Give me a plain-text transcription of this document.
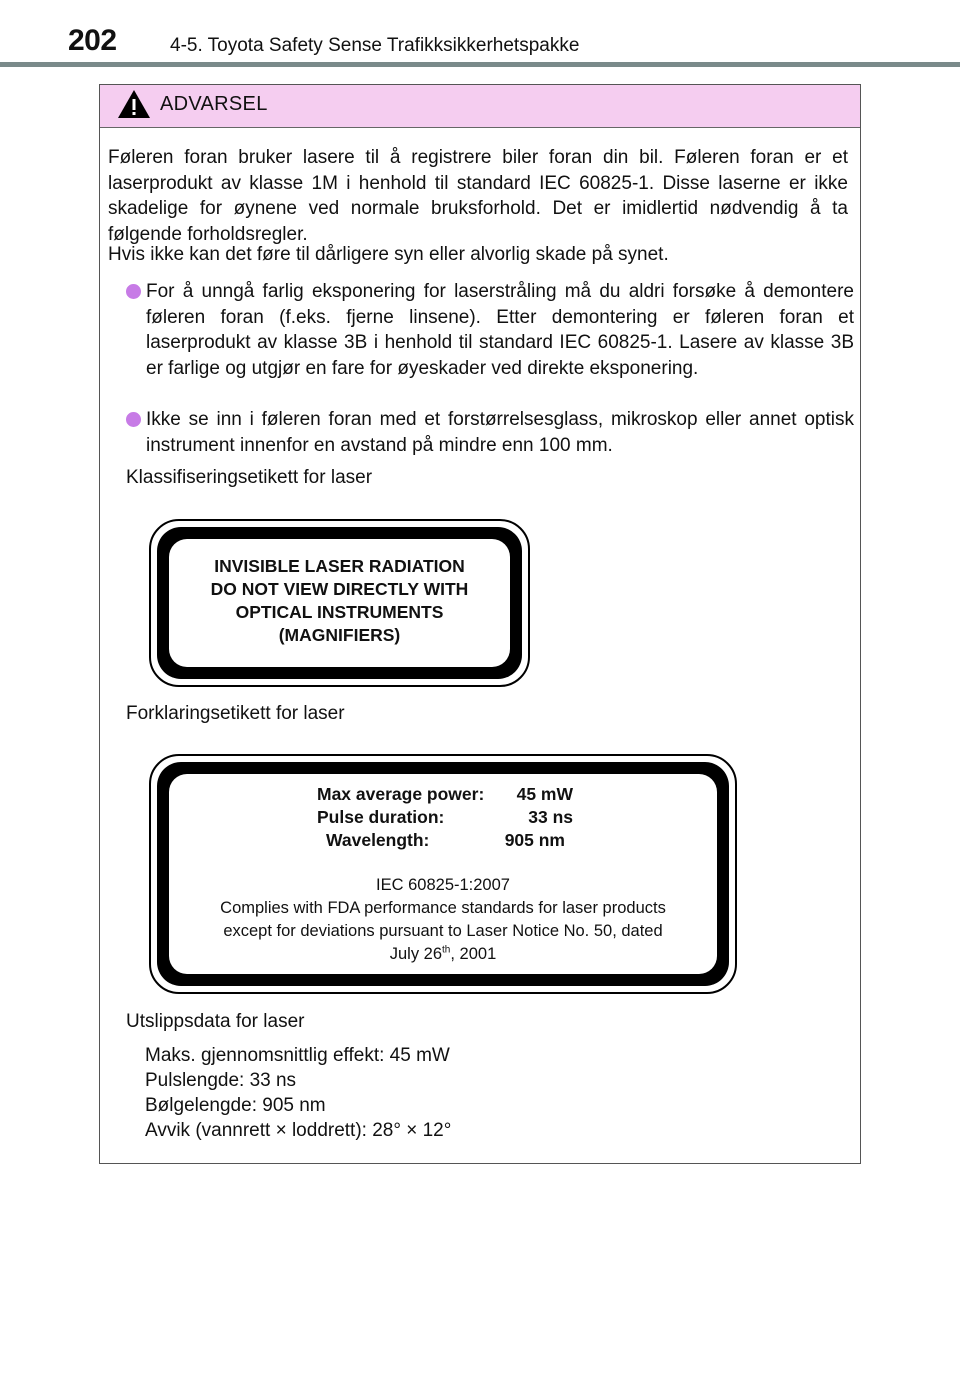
202	4-5. Toyota Safety Sense Trafikksikkerhetspakke
ADVARSEL
Føleren foran bruker lasere til å registrere biler foran din bil. Føleren foran er et laserprodukt av klasse 1M i henhold til standard IEC 60825-1. Disse laserne er ikke skadelige for øynene ved normale bruksforhold. Det er imidlertid nødvendig å ta følgende forholdsregler.
Hvis ikke kan det føre til dårligere syn eller alvorlig skade på synet.
For å unngå farlig eksponering for laserstråling må du aldri forsøke å demontere føleren foran (f.eks. fjerne linsene). Etter demontering er føleren foran et laserprodukt av klasse 3B i henhold til standard IEC 60825-1. Lasere av klasse 3B er farlige og utgjør en fare for øyeskader ved direkte eksponering.
Ikke se inn i føleren foran med et forstørrelsesglass, mikroskop eller annet optisk instrument innenfor en avstand på mindre enn 100 mm.
Klassifiseringsetikett for laser
INVISIBLE LASER RADIATION
DO NOT VIEW DIRECTLY WITH
OPTICAL INSTRUMENTS
(MAGNIFIERS)
Forklaringsetikett for laser
Max average power:	45 mW
Pulse duration:	33 ns
Wavelength:	905 nm
IEC 60825-1:2007
Complies with FDA performance standards for laser products
except for deviations pursuant to Laser Notice No. 50, dated
July 26th, 2001
Utslippsdata for laser
Maks. gjennomsnittlig effekt: 45 mW
Pulslengde: 33 ns
Bølgelengde: 905 nm
Avvik (vannrett × loddrett): 28° × 12°
